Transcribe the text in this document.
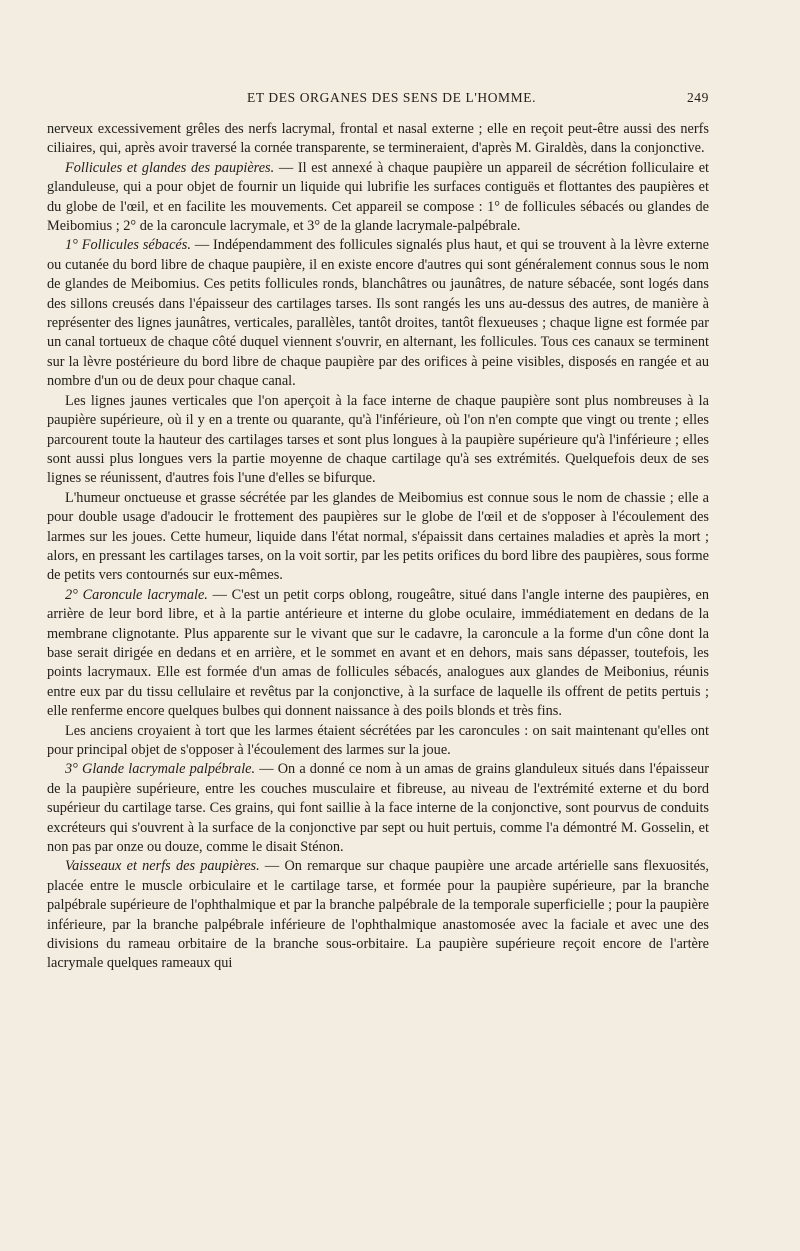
ET DES ORGANES DES SENS DE L'HOMME.	249

nerveux excessivement grêles des nerfs lacrymal, frontal et nasal externe ; elle en reçoit peut-être aussi des nerfs ciliaires, qui, après avoir traversé la cornée transparente, se termineraient, d'après M. Giraldès, dans la conjonctive.

Follicules et glandes des paupières. — Il est annexé à chaque paupière un appareil de sécrétion folliculaire et glanduleuse, qui a pour objet de fournir un liquide qui lubrifie les surfaces contiguës et flottantes des paupières et du globe de l'œil, et en facilite les mouvements. Cet appareil se compose : 1° de follicules sébacés ou glandes de Meibomius ; 2° de la caroncule lacrymale, et 3° de la glande lacrymale-palpébrale.

1° Follicules sébacés. — Indépendamment des follicules signalés plus haut, et qui se trouvent à la lèvre externe ou cutanée du bord libre de chaque paupière, il en existe encore d'autres qui sont généralement connus sous le nom de glandes de Meibomius. Ces petits follicules ronds, blanchâtres ou jaunâtres, de nature sébacée, sont logés dans des sillons creusés dans l'épaisseur des cartilages tarses. Ils sont rangés les uns au-dessus des autres, de manière à représenter des lignes jaunâtres, verticales, parallèles, tantôt droites, tantôt flexueuses ; chaque ligne est formée par un canal tortueux de chaque côté duquel viennent s'ouvrir, en alternant, les follicules. Tous ces canaux se terminent sur la lèvre postérieure du bord libre de chaque paupière par des orifices à peine visibles, disposés en rangée et au nombre d'un ou de deux pour chaque canal.

Les lignes jaunes verticales que l'on aperçoit à la face interne de chaque paupière sont plus nombreuses à la paupière supérieure, où il y en a trente ou quarante, qu'à l'inférieure, où l'on n'en compte que vingt ou trente ; elles parcourent toute la hauteur des cartilages tarses et sont plus longues à la paupière supérieure qu'à l'inférieure ; elles sont aussi plus longues vers la partie moyenne de chaque cartilage qu'à ses extrémités. Quelquefois deux de ses lignes se réunissent, d'autres fois l'une d'elles se bifurque.

L'humeur onctueuse et grasse sécrétée par les glandes de Meibomius est connue sous le nom de chassie ; elle a pour double usage d'adoucir le frottement des paupières sur le globe de l'œil et de s'opposer à l'écoulement des larmes sur les joues. Cette humeur, liquide dans l'état normal, s'épaissit dans certaines maladies et après la mort ; alors, en pressant les cartilages tarses, on la voit sortir, par les petits orifices du bord libre des paupières, sous forme de petits vers contournés sur eux-mêmes.

2° Caroncule lacrymale. — C'est un petit corps oblong, rougeâtre, situé dans l'angle interne des paupières, en arrière de leur bord libre, et à la partie antérieure et interne du globe oculaire, immédiatement en dedans de la membrane clignotante. Plus apparente sur le vivant que sur le cadavre, la caroncule a la forme d'un cône dont la base serait dirigée en dedans et en arrière, et le sommet en avant et en dehors, mais sans dépasser, toutefois, les points lacrymaux. Elle est formée d'un amas de follicules sébacés, analogues aux glandes de Meibonius, réunis entre eux par du tissu cellulaire et revêtus par la conjonctive, à la surface de laquelle ils offrent de petits pertuis ; elle renferme encore quelques bulbes qui donnent naissance à des poils blonds et très fins.

Les anciens croyaient à tort que les larmes étaient sécrétées par les caroncules : on sait maintenant qu'elles ont pour principal objet de s'opposer à l'écoulement des larmes sur la joue.

3° Glande lacrymale palpébrale. — On a donné ce nom à un amas de grains glanduleux situés dans l'épaisseur de la paupière supérieure, entre les couches musculaire et fibreuse, au niveau de l'extrémité externe et du bord supérieur du cartilage tarse. Ces grains, qui font saillie à la face interne de la conjonctive, sont pourvus de conduits excréteurs qui s'ouvrent à la surface de la conjonctive par sept ou huit pertuis, comme l'a démontré M. Gosselin, et non pas par onze ou douze, comme le disait Sténon.

Vaisseaux et nerfs des paupières. — On remarque sur chaque paupière une arcade artérielle sans flexuosités, placée entre le muscle orbiculaire et le cartilage tarse, et formée pour la paupière supérieure, par la branche palpébrale supérieure de l'ophthalmique et par la branche palpébrale de la temporale superficielle ; pour la paupière inférieure, par la branche palpébrale inférieure de l'ophthalmique anastomosée avec la faciale et avec une des divisions du rameau orbitaire de la branche sous-orbitaire. La paupière supérieure reçoit encore de l'artère lacrymale quelques rameaux qui
